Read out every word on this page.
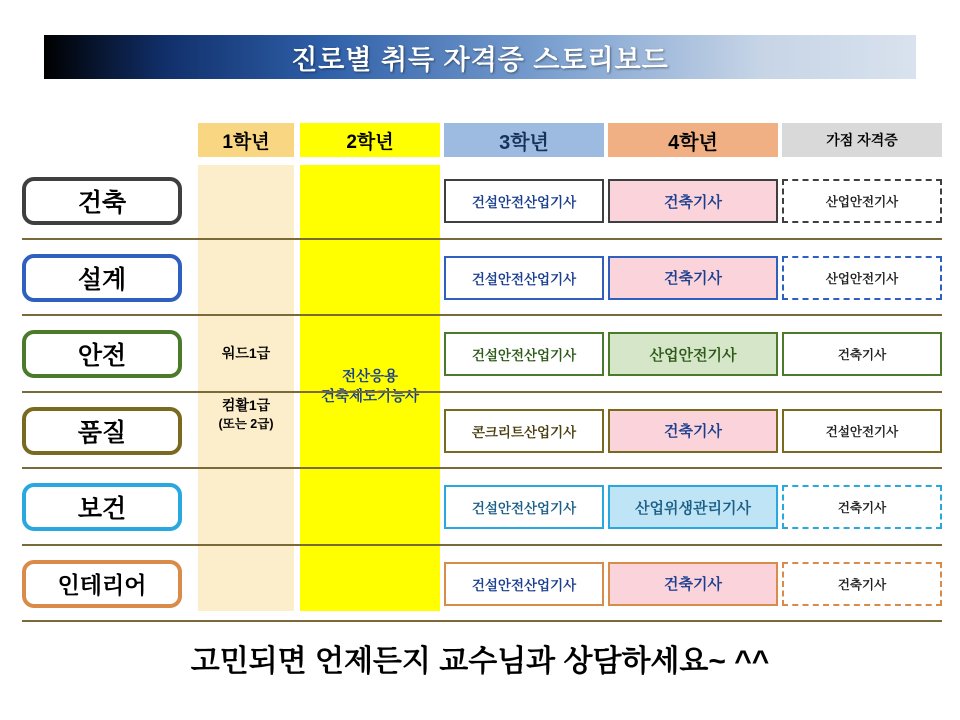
진로별 취득 자격증 스토리보드
1학년	2학년	3학년	4학년	가점 자격증
워드1급
컴활1급
(또는 2급)
전산응용
건축제도기능사
건축	건설안전산업기사	건축기사	산업안전기사
설계	건설안전산업기사	건축기사	산업안전기사
안전	건설안전산업기사	산업안전기사	건축기사
품질	콘크리트산업기사	건축기사	건설안전기사
보건	건설안전산업기사	산업위생관리기사	건축기사
인테리어	건설안전산업기사	건축기사	건축기사
고민되면 언제든지 교수님과 상담하세요~ ^^
